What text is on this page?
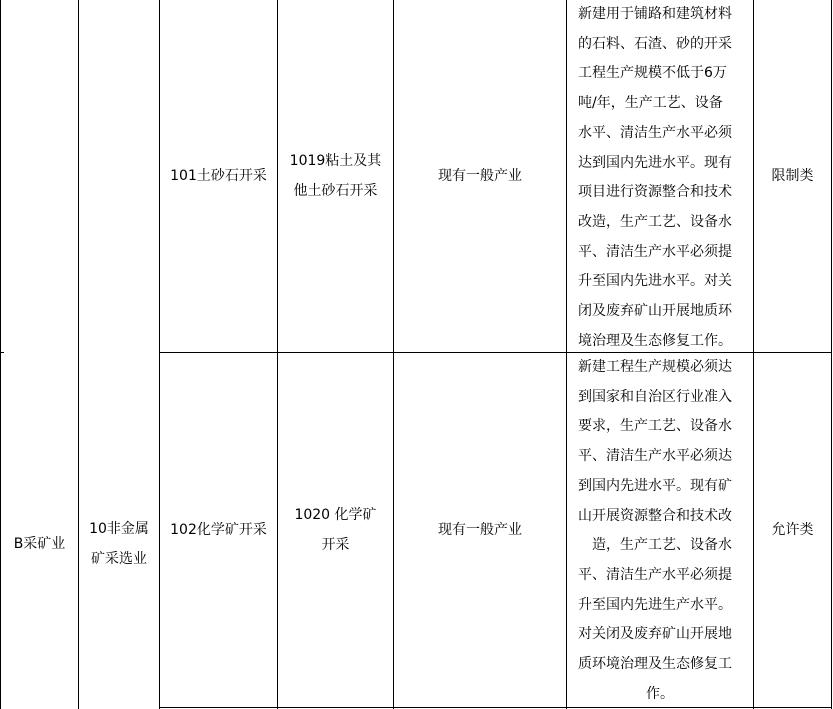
B采矿业
10非金属矿采选业
101土砂石开采
1019粘土及其他土砂石开采
现有一般产业
新建用于铺路和建筑材料
的石料、石渣、砂的开采
工程生产规模不低于6万
吨/年，生产工艺、设备
水平、清洁生产水平必须
达到国内先进水平。现有
项目进行资源整合和技术
改造，生产工艺、设备水
平、清洁生产水平必须提
升至国内先进水平。对关
闭及废弃矿山开展地质环
境治理及生态修复工作。
限制类
102化学矿开采
1020 化学矿开采
现有一般产业
新建工程生产规模必须达
到国家和自治区行业准入
要求，生产工艺、设备水
平、清洁生产水平必须达
到国内先进水平。现有矿
山开展资源整合和技术改
造，生产工艺、设备水
平、清洁生产水平必须提
升至国内先进生产水平。
对关闭及废弃矿山开展地
质环境治理及生态修复工
作。
允许类
